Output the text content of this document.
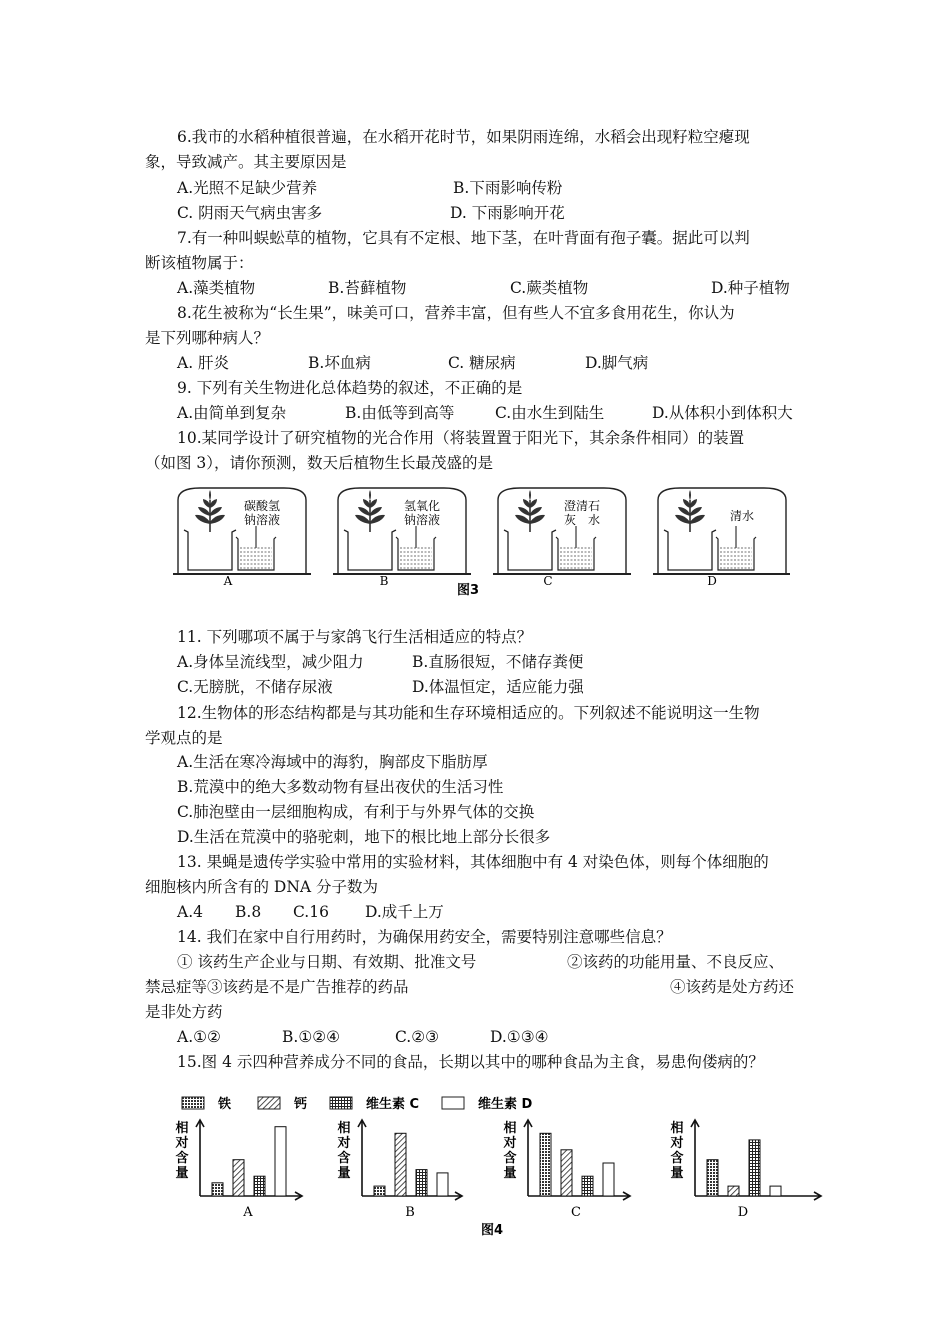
6.我市的水稻种植很普遍，在水稻开花时节，如果阴雨连绵，水稻会出现籽粒空瘪现
象，导致减产。其主要原因是
A.光照不足缺少营养	B.下雨影响传粉
C. 阴雨天气病虫害多	D. 下雨影响开花
7.有一种叫蜈蚣草的植物，它具有不定根、地下茎，在叶背面有孢子囊。据此可以判
断该植物属于：
A.藻类植物	B.苔藓植物	C.蕨类植物	D.种子植物
8.花生被称为“长生果”，味美可口，营养丰富，但有些人不宜多食用花生，你认为
是下列哪种病人？
A. 肝炎	B.坏血病	C. 糖尿病	D.脚气病
9. 下列有关生物进化总体趋势的叙述，不正确的是
A.由简单到复杂	B.由低等到高等	C.由水生到陆生	D.从体积小到体积大
10.某同学设计了研究植物的光合作用（将装置置于阳光下，其余条件相同）的装置
（如图 3），请你预测，数天后植物生长最茂盛的是
碳酸氢
钠溶液
A
氢氧化
钠溶液
B
澄清石
灰　水
C
清水
D
图3
11. 下列哪项不属于与家鸽飞行生活相适应的特点？
A.身体呈流线型，减少阻力	B.直肠很短，不储存粪便
C.无膀胱，不储存尿液	D.体温恒定，适应能力强
12.生物体的形态结构都是与其功能和生存环境相适应的。下列叙述不能说明这一生物
学观点的是
A.生活在寒冷海域中的海豹，胸部皮下脂肪厚
B.荒漠中的绝大多数动物有昼出夜伏的生活习性
C.肺泡壁由一层细胞构成，有利于与外界气体的交换
D.生活在荒漠中的骆驼刺，地下的根比地上部分长很多
13. 果蝇是遗传学实验中常用的实验材料，其体细胞中有 4 对染色体，则每个体细胞的
细胞核内所含有的 DNA 分子数为
A.4 B.8 C.16 D.成千上万
14. 我们在家中自行用药时，为确保用药安全，需要特别注意哪些信息？
① 该药生产企业与日期、有效期、批准文号	②该药的功能用量、不良反应、
禁忌症等③该药是不是广告推荐的药品	④该药是处方药还
是非处方药
A.①②	B.①②④	C.②③	D.①③④
15.图 4 示四种营养成分不同的食品，长期以其中的哪种食品为主食，易患佝偻病的？
铁	钙	维生素 C	维生素 D
相
对
含
量
A
相
对
含
量
B
相
对
含
量
C
相
对
含
量
D
图4
